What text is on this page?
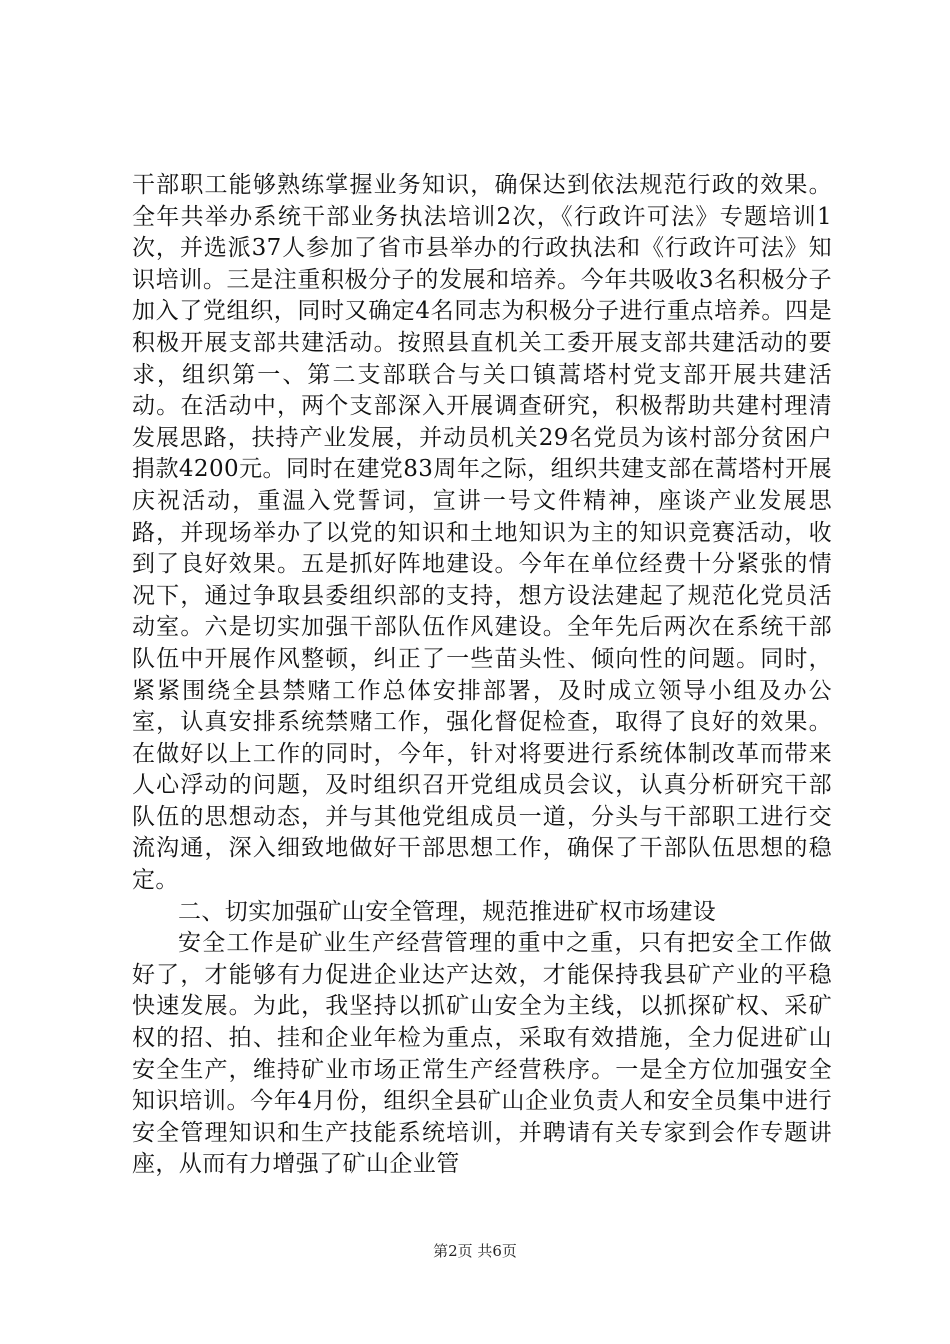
干部职工能够熟练掌握业务知识，确保达到依法规范行政的效果。全年共举办系统干部业务执法培训2次，《行政许可法》专题培训1次，并选派37人参加了省市县举办的行政执法和《行政许可法》知识培训。三是注重积极分子的发展和培养。今年共吸收3名积极分子加入了党组织，同时又确定4名同志为积极分子进行重点培养。四是积极开展支部共建活动。按照县直机关工委开展支部共建活动的要求，组织第一、第二支部联合与关口镇蒿塔村党支部开展共建活动。在活动中，两个支部深入开展调查研究，积极帮助共建村理清发展思路，扶持产业发展，并动员机关29名党员为该村部分贫困户捐款4200元。同时在建党83周年之际，组织共建支部在蒿塔村开展庆祝活动，重温入党誓词，宣讲一号文件精神，座谈产业发展思路，并现场举办了以党的知识和土地知识为主的知识竞赛活动，收到了良好效果。五是抓好阵地建设。今年在单位经费十分紧张的情况下，通过争取县委组织部的支持，想方设法建起了规范化党员活动室。六是切实加强干部队伍作风建设。全年先后两次在系统干部队伍中开展作风整顿，纠正了一些苗头性、倾向性的问题。同时，紧紧围绕全县禁赌工作总体安排部署，及时成立领导小组及办公室，认真安排系统禁赌工作，强化督促检查，取得了良好的效果。在做好以上工作的同时，今年，针对将要进行系统体制改革而带来人心浮动的问题，及时组织召开党组成员会议，认真分析研究干部队伍的思想动态，并与其他党组成员一道，分头与干部职工进行交流沟通，深入细致地做好干部思想工作，确保了干部队伍思想的稳定。

二、切实加强矿山安全管理，规范推进矿权市场建设

安全工作是矿业生产经营管理的重中之重，只有把安全工作做好了，才能够有力促进企业达产达效，才能保持我县矿产业的平稳快速发展。为此，我坚持以抓矿山安全为主线，以抓探矿权、采矿权的招、拍、挂和企业年检为重点，采取有效措施，全力促进矿山安全生产，维持矿业市场正常生产经营秩序。一是全方位加强安全知识培训。今年4月份，组织全县矿山企业负责人和安全员集中进行安全管理知识和生产技能系统培训，并聘请有关专家到会作专题讲座，从而有力增强了矿山企业管

第2页 共6页
